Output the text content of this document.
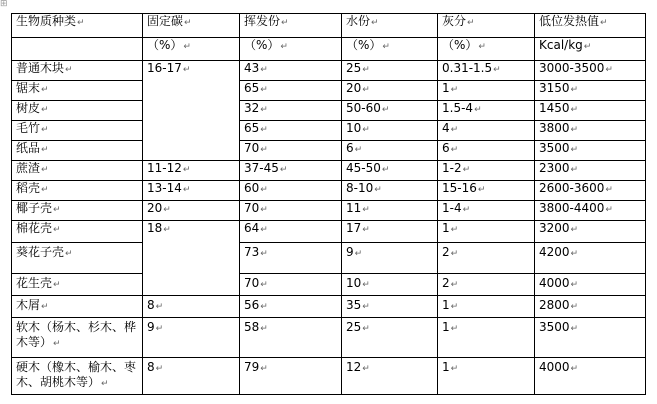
⊞
生物质种类↵	固定碳↵	挥发份↵	水份↵	灰分↵	低位发热值↵
	（%）↵	（%）↵	（%）↵	（%）↵	Kcal/kg↵
普通木块↵	16-17↵	43↵	25↵	0.31-1.5↵	3000-3500↵
锯末↵		65↵	20↵	1↵	3150↵
树皮↵		32↵	50-60↵	1.5-4↵	1450↵
毛竹↵		65↵	10↵	4↵	3800↵
纸品↵		70↵	6↵	6↵	3500↵
蔗渣↵	11-12↵	37-45↵	45-50↵	1-2↵	2300↵
稻壳↵	13-14↵	60↵	8-10↵	15-16↵	2600-3600↵
椰子壳↵	20↵	70↵	11↵	1-4↵	3800-4400↵
棉花壳↵	18↵	64↵	17↵	1↵	3200↵
葵花子壳↵		73↵	9↵	2↵	4200↵
花生壳↵		70↵	10↵	2↵	4000↵
木屑↵	8↵	56↵	35↵	1↵	2800↵
软木（杨木、杉木、桦木等）↵	9↵	58↵	25↵	1↵	3500↵
硬木（橡木、榆木、枣木、胡桃木等）↵	8↵	79↵	12↵	1↵	4000↵
